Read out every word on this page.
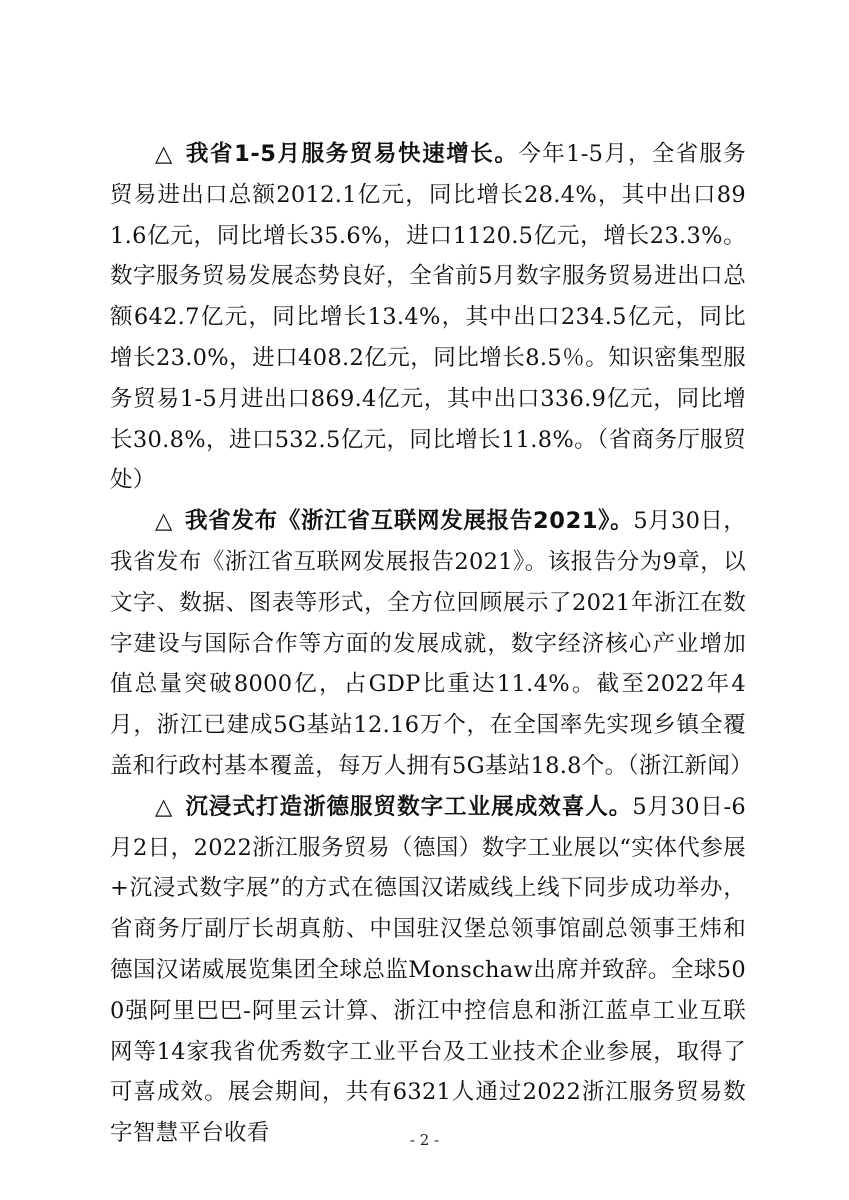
△ 我省1-5月服务贸易快速增长。今年1-5月，全省服务贸易进出口总额2012.1亿元，同比增长28.4%，其中出口891.6亿元，同比增长35.6%，进口1120.5亿元，增长23.3%。数字服务贸易发展态势良好，全省前5月数字服务贸易进出口总额642.7亿元，同比增长13.4%，其中出口234.5亿元，同比增长23.0%，进口408.2亿元，同比增长8.5％。知识密集型服务贸易1-5月进出口869.4亿元，其中出口336.9亿元，同比增长30.8%，进口532.5亿元，同比增长11.8%。（省商务厅服贸处）

△ 我省发布《浙江省互联网发展报告2021》。5月30日，我省发布《浙江省互联网发展报告2021》。该报告分为9章，以文字、数据、图表等形式，全方位回顾展示了2021年浙江在数字建设与国际合作等方面的发展成就，数字经济核心产业增加值总量突破8000亿，占GDP比重达11.4%。截至2022年4月，浙江已建成5G基站12.16万个，在全国率先实现乡镇全覆盖和行政村基本覆盖，每万人拥有5G基站18.8个。（浙江新闻）

△ 沉浸式打造浙德服贸数字工业展成效喜人。5月30日-6月2日，2022浙江服务贸易（德国）数字工业展以“实体代参展+沉浸式数字展”的方式在德国汉诺威线上线下同步成功举办，省商务厅副厅长胡真舫、中国驻汉堡总领事馆副总领事王炜和德国汉诺威展览集团全球总监Monschaw出席并致辞。全球500强阿里巴巴-阿里云计算、浙江中控信息和浙江蓝卓工业互联网等14家我省优秀数字工业平台及工业技术企业参展，取得了可喜成效。展会期间，共有6321人通过2022浙江服务贸易数字智慧平台收看	- 2 -
